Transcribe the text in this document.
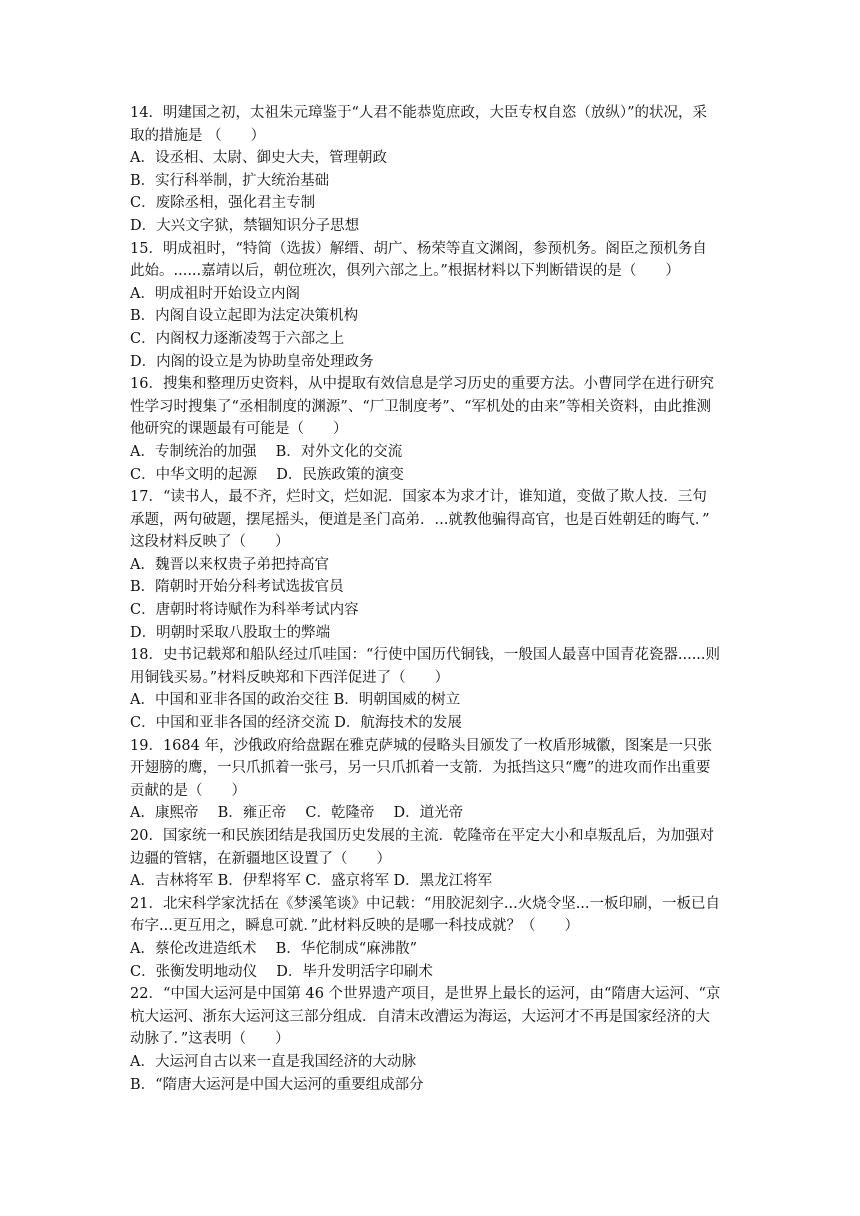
14．明建国之初，太祖朱元璋鉴于“人君不能恭览庶政，大臣专权自恣（放纵）”的状况，采
取的措施是 （　　）
A．设丞相、太尉、御史大夫，管理朝政
B．实行科举制，扩大统治基础
C．废除丞相，强化君主专制
D．大兴文字狱，禁锢知识分子思想
15．明成祖时，“特简（选拔）解缙、胡广、杨荣等直文渊阁，参预机务。阁臣之预机务自
此始。......嘉靖以后，朝位班次，俱列六部之上。”根据材料以下判断错误的是（　　）
A．明成祖时开始设立内阁
B．内阁自设立起即为法定决策机构
C．内阁权力逐渐凌驾于六部之上
D．内阁的设立是为协助皇帝处理政务
16．搜集和整理历史资料，从中提取有效信息是学习历史的重要方法。小曹同学在进行研究
性学习时搜集了“丞相制度的渊源”、“厂卫制度考”、“军机处的由来”等相关资料，由此推测
他研究的课题最有可能是（　　）
A．专制统治的加强　 B．对外文化的交流
C．中华文明的起源　 D．民族政策的演变
17．“读书人，最不齐，烂时文，烂如泥．国家本为求才计，谁知道，变做了欺人技．三句
承题，两句破题，摆尾摇头，便道是圣门高弟．...就教他骗得高官，也是百姓朝廷的晦气．”
这段材料反映了（　　）
A．魏晋以来权贵子弟把持高官
B．隋朝时开始分科考试选拔官员
C．唐朝时将诗赋作为科举考试内容
D．明朝时采取八股取士的弊端
18．史书记载郑和船队经过爪哇国：“行使中国历代铜钱，一般国人最喜中国青花瓷器......则
用铜钱买易。”材料反映郑和下西洋促进了（　　）
A．中国和亚非各国的政治交往 B．明朝国威的树立
C．中国和亚非各国的经济交流 D．航海技术的发展
19．1684 年，沙俄政府给盘踞在雅克萨城的侵略头目颁发了一枚盾形城徽，图案是一只张
开翅膀的鹰，一只爪抓着一张弓，另一只爪抓着一支箭．为抵挡这只“鹰”的进攻而作出重要
贡献的是（　　）
A．康熙帝　 B．雍正帝　 C．乾隆帝　 D．道光帝
20．国家统一和民族团结是我国历史发展的主流．乾隆帝在平定大小和卓叛乱后，为加强对
边疆的管辖，在新疆地区设置了（　　）
A．吉林将军 B．伊犁将军 C．盛京将军 D．黑龙江将军
21．北宋科学家沈括在《梦溪笔谈》中记载：“用胶泥刻字...火烧令坚...一板印刷，一板已自
布字...更互用之，瞬息可就．”此材料反映的是哪一科技成就？（　　）
A．蔡伦改进造纸术　 B．华佗制成“麻沸散”
C．张衡发明地动仪　 D．毕升发明活字印刷术
22．“中国大运河是中国第 46 个世界遗产项目，是世界上最长的运河，由“隋唐大运河、“京
杭大运河、浙东大运河这三部分组成．自清末改漕运为海运，大运河才不再是国家经济的大
动脉了．”这表明（　　）
A．大运河自古以来一直是我国经济的大动脉
B．“隋唐大运河是中国大运河的重要组成部分
